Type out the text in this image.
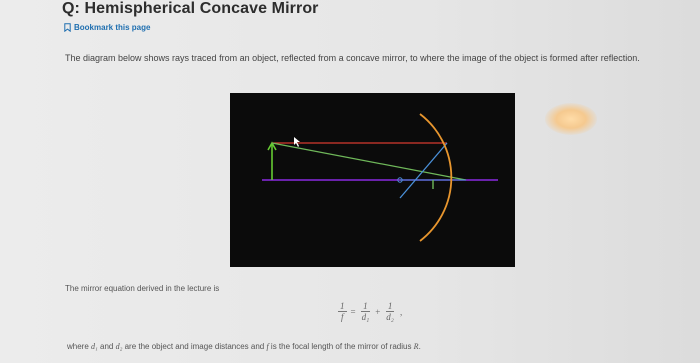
Q: Hemispherical Concave Mirror
Bookmark this page

The diagram below shows rays traced from an object, reflected from a concave mirror, to where the image of the object is formed after reflection.

The mirror equation derived in the lecture is

$\frac{1}{f} = \frac{1}{\text{d₁}} + \frac{1}{\text{d₂}}$ ,

where d₁ and d₂ are the object and image distances and f is the focal length of the mirror of radius R.
